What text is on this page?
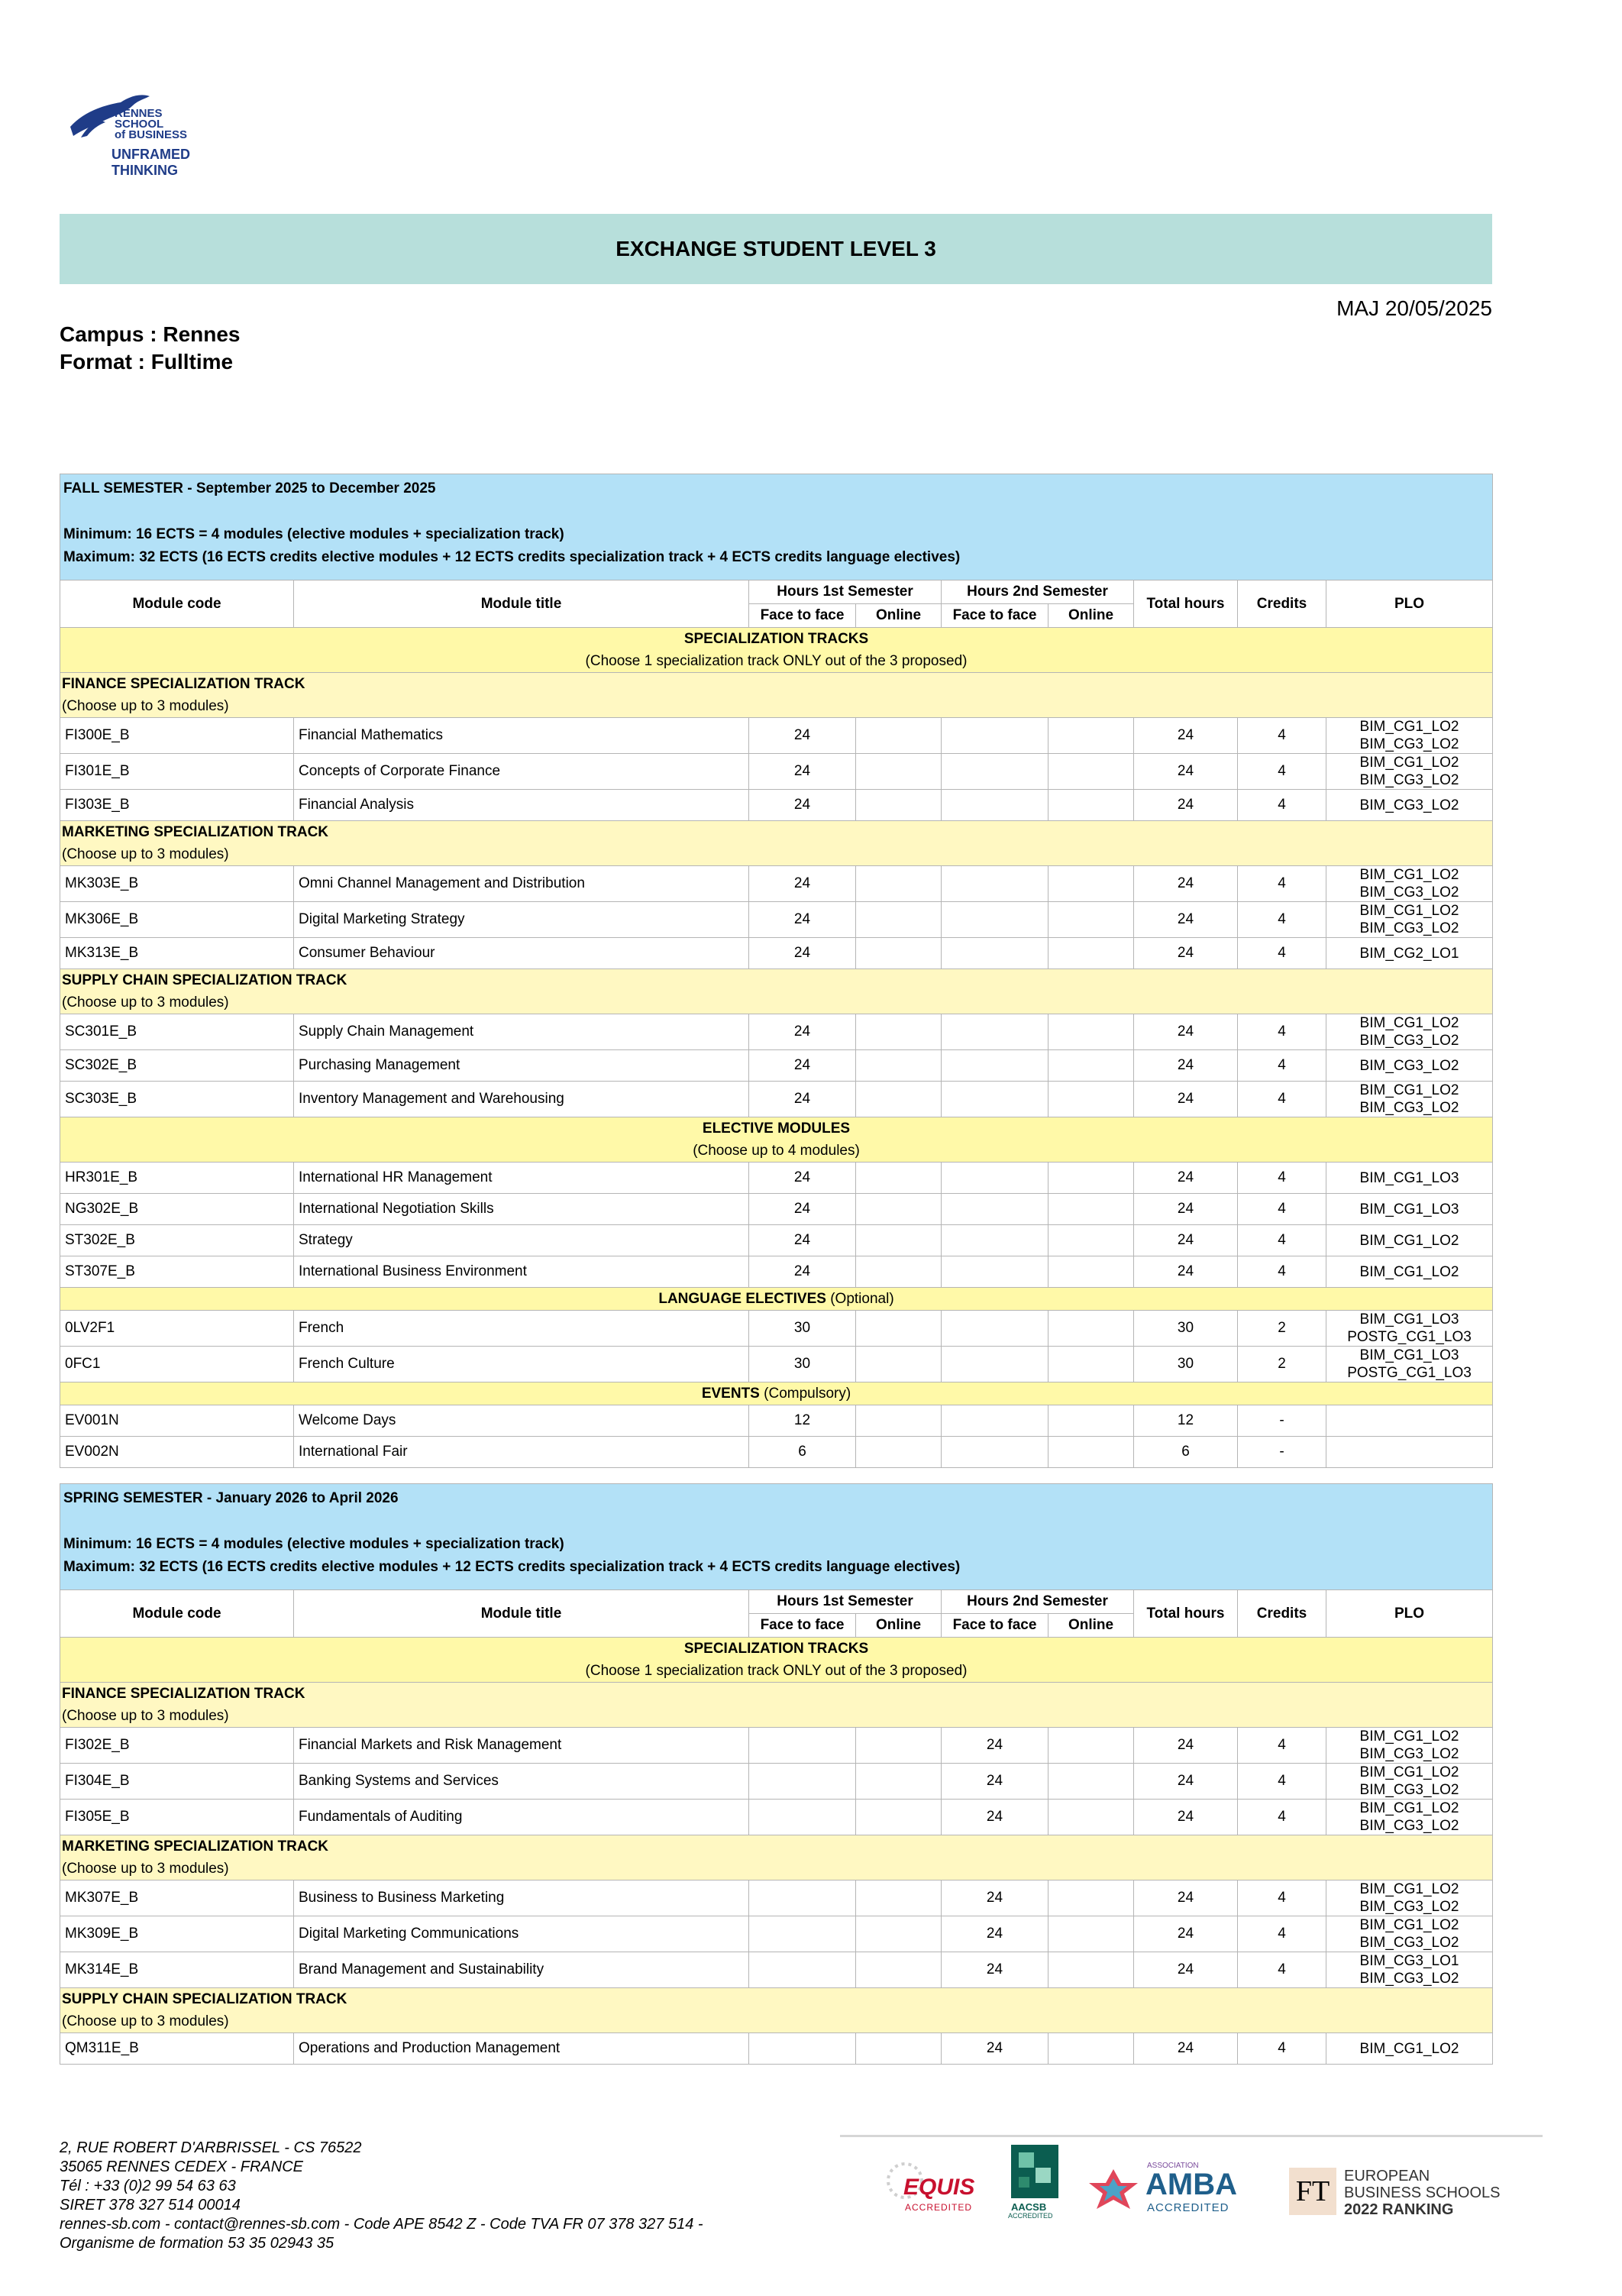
RENNES
SCHOOL
of BUSINESS
UNFRAMED THINKING
EXCHANGE STUDENT LEVEL 3
MAJ 20/05/2025
Campus : Rennes
Format : Fulltime
FALL SEMESTER - September 2025 to December 2025
Minimum: 16 ECTS = 4 modules (elective modules + specialization track)
Maximum: 32 ECTS (16 ECTS credits elective modules + 12 ECTS credits specialization track + 4 ECTS credits language electives)								

Module code	Module title	Hours 1st Semester		Hours 2nd Semester		Total hours	Credits	PLO
		Face to face	Online	Face to face	Online			
SPECIALIZATION TRACKS
(Choose 1 specialization track ONLY out of the 3 proposed)								

FINANCE SPECIALIZATION TRACK
(Choose up to 3 modules)								

FI300E_B	Financial Mathematics	24				24	4	BIM_CG1_LO2
BIM_CG3_LO2

FI301E_B	Concepts of Corporate Finance	24				24	4	BIM_CG1_LO2
BIM_CG3_LO2

FI303E_B	Financial Analysis	24				24	4	BIM_CG3_LO2

MARKETING SPECIALIZATION TRACK
(Choose up to 3 modules)								

MK303E_B	Omni Channel Management and Distribution	24				24	4	BIM_CG1_LO2
BIM_CG3_LO2

MK306E_B	Digital Marketing Strategy	24				24	4	BIM_CG1_LO2
BIM_CG3_LO2

MK313E_B	Consumer Behaviour	24				24	4	BIM_CG2_LO1

SUPPLY CHAIN SPECIALIZATION TRACK
(Choose up to 3 modules)								

SC301E_B	Supply Chain Management	24				24	4	BIM_CG1_LO2
BIM_CG3_LO2

SC302E_B	Purchasing Management	24				24	4	BIM_CG3_LO2

SC303E_B	Inventory Management and Warehousing	24				24	4	BIM_CG1_LO2
BIM_CG3_LO2

ELECTIVE MODULES
(Choose up to 4 modules)								
HR301E_B	International HR Management	24				24	4	BIM_CG1_LO3

NG302E_B	International Negotiation Skills	24				24	4	BIM_CG1_LO3

ST302E_B	Strategy	24				24	4	BIM_CG1_LO2

ST307E_B	International Business Environment	24				24	4	BIM_CG1_LO2

LANGUAGE ELECTIVES (Optional)								
0LV2F1	French	30				30	2	BIM_CG1_LO3
POSTG_CG1_LO3

0FC1	French Culture	30				30	2	BIM_CG1_LO3
POSTG_CG1_LO3

EVENTS (Compulsory)								
EV001N	Welcome Days	12				12	-	

EV002N	International Fair	6				6	-	
SPRING SEMESTER - January 2026 to April 2026
Minimum: 16 ECTS = 4 modules (elective modules + specialization track)
Maximum: 32 ECTS (16 ECTS credits elective modules + 12 ECTS credits specialization track + 4 ECTS credits language electives)								

Module code	Module title	Hours 1st Semester		Hours 2nd Semester		Total hours	Credits	PLO
		Face to face	Online	Face to face	Online			
SPECIALIZATION TRACKS
(Choose 1 specialization track ONLY out of the 3 proposed)								

FINANCE SPECIALIZATION TRACK
(Choose up to 3 modules)								

FI302E_B	Financial Markets and Risk Management			24		24	4	BIM_CG1_LO2
BIM_CG3_LO2

FI304E_B	Banking Systems and Services			24		24	4	BIM_CG1_LO2
BIM_CG3_LO2

FI305E_B	Fundamentals of Auditing			24		24	4	BIM_CG1_LO2
BIM_CG3_LO2

MARKETING SPECIALIZATION TRACK
(Choose up to 3 modules)								

MK307E_B	Business to Business Marketing			24		24	4	BIM_CG1_LO2
BIM_CG3_LO2

MK309E_B	Digital Marketing Communications			24		24	4	BIM_CG1_LO2
BIM_CG3_LO2

MK314E_B	Brand Management and Sustainability			24		24	4	BIM_CG3_LO1
BIM_CG3_LO2

SUPPLY CHAIN SPECIALIZATION TRACK
(Choose up to 3 modules)								

QM311E_B	Operations and Production Management			24		24	4	BIM_CG1_LO2
2, RUE ROBERT D'ARBRISSEL - CS 76522
35065 RENNES CEDEX - FRANCE
Tél : +33 (0)2 99 54 63 63
SIRET 378 327 514 00014
rennes-sb.com - contact@rennes-sb.com - Code APE 8542 Z - Code TVA FR 07 378 327 514 -
Organisme de formation 53 35 02943 35
EQUIS
ACCREDITED	AACSB
ACCREDITED
ASSOCIATION
AMBA
ACCREDITED
FT EUROPEAN
BUSINESS SCHOOLS
2022 RANKING
